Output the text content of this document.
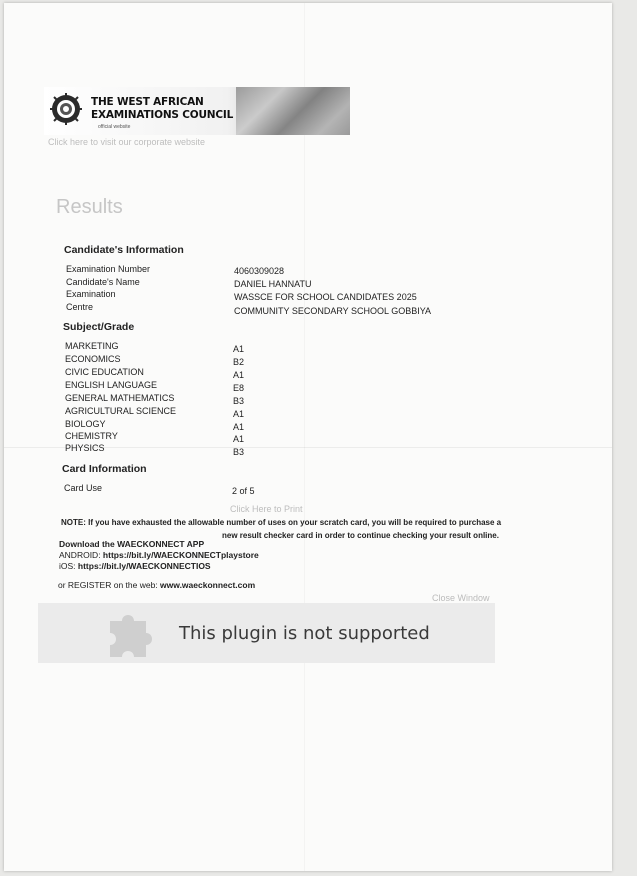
THE WEST AFRICAN
EXAMINATIONS COUNCIL
official website
Click here to visit our corporate website
Results
Candidate's Information
Examination Number	4060309028
Candidate's Name	DANIEL HANNATU
Examination	WASSCE FOR SCHOOL CANDIDATES 2025
Centre	COMMUNITY SECONDARY SCHOOL GOBBIYA
Subject/Grade
MARKETING	A1
ECONOMICS	B2
CIVIC EDUCATION	A1
ENGLISH LANGUAGE	E8
GENERAL MATHEMATICS	B3
AGRICULTURAL SCIENCE	A1
BIOLOGY	A1
CHEMISTRY	A1
PHYSICS	B3
Card Information
Card Use	2 of 5
Click Here to Print
NOTE: If you have exhausted the allowable number of uses on your scratch card, you will be required to purchase a
new result checker card in order to continue checking your result online.
Download the WAECKONNECT APP
ANDROID: https://bit.ly/WAECKONNECTplaystore
iOS: https://bit.ly/WAECKONNECTIOS
or REGISTER on the web: www.waeckonnect.com
Close Window
This plugin is not supported
